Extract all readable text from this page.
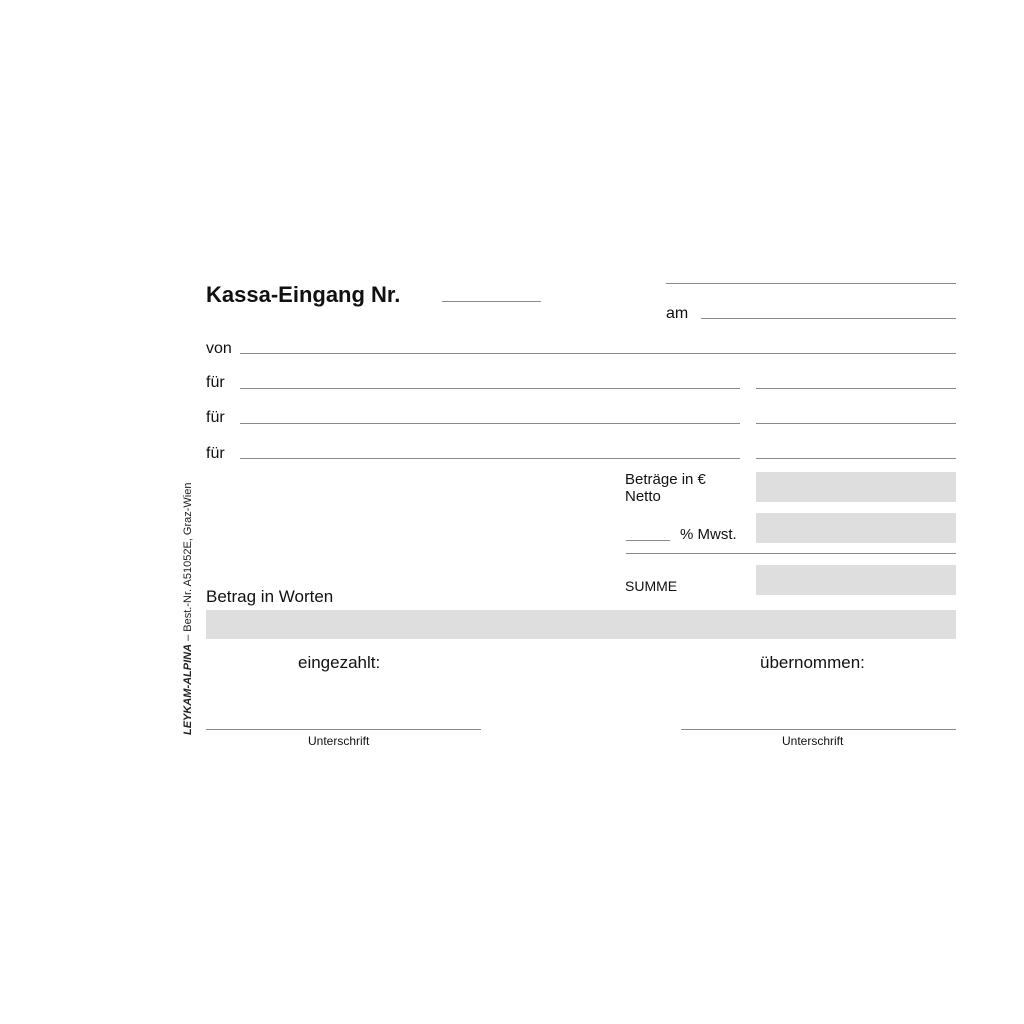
Kassa-Eingang Nr.
am
von
für
für
für
Beträge in €
Netto
% Mwst.
SUMME
Betrag in Worten
eingezahlt:	übernommen:
Unterschrift	Unterschrift
LEYKAM-ALPINA – Best.-Nr. A51052E, Graz-Wien
